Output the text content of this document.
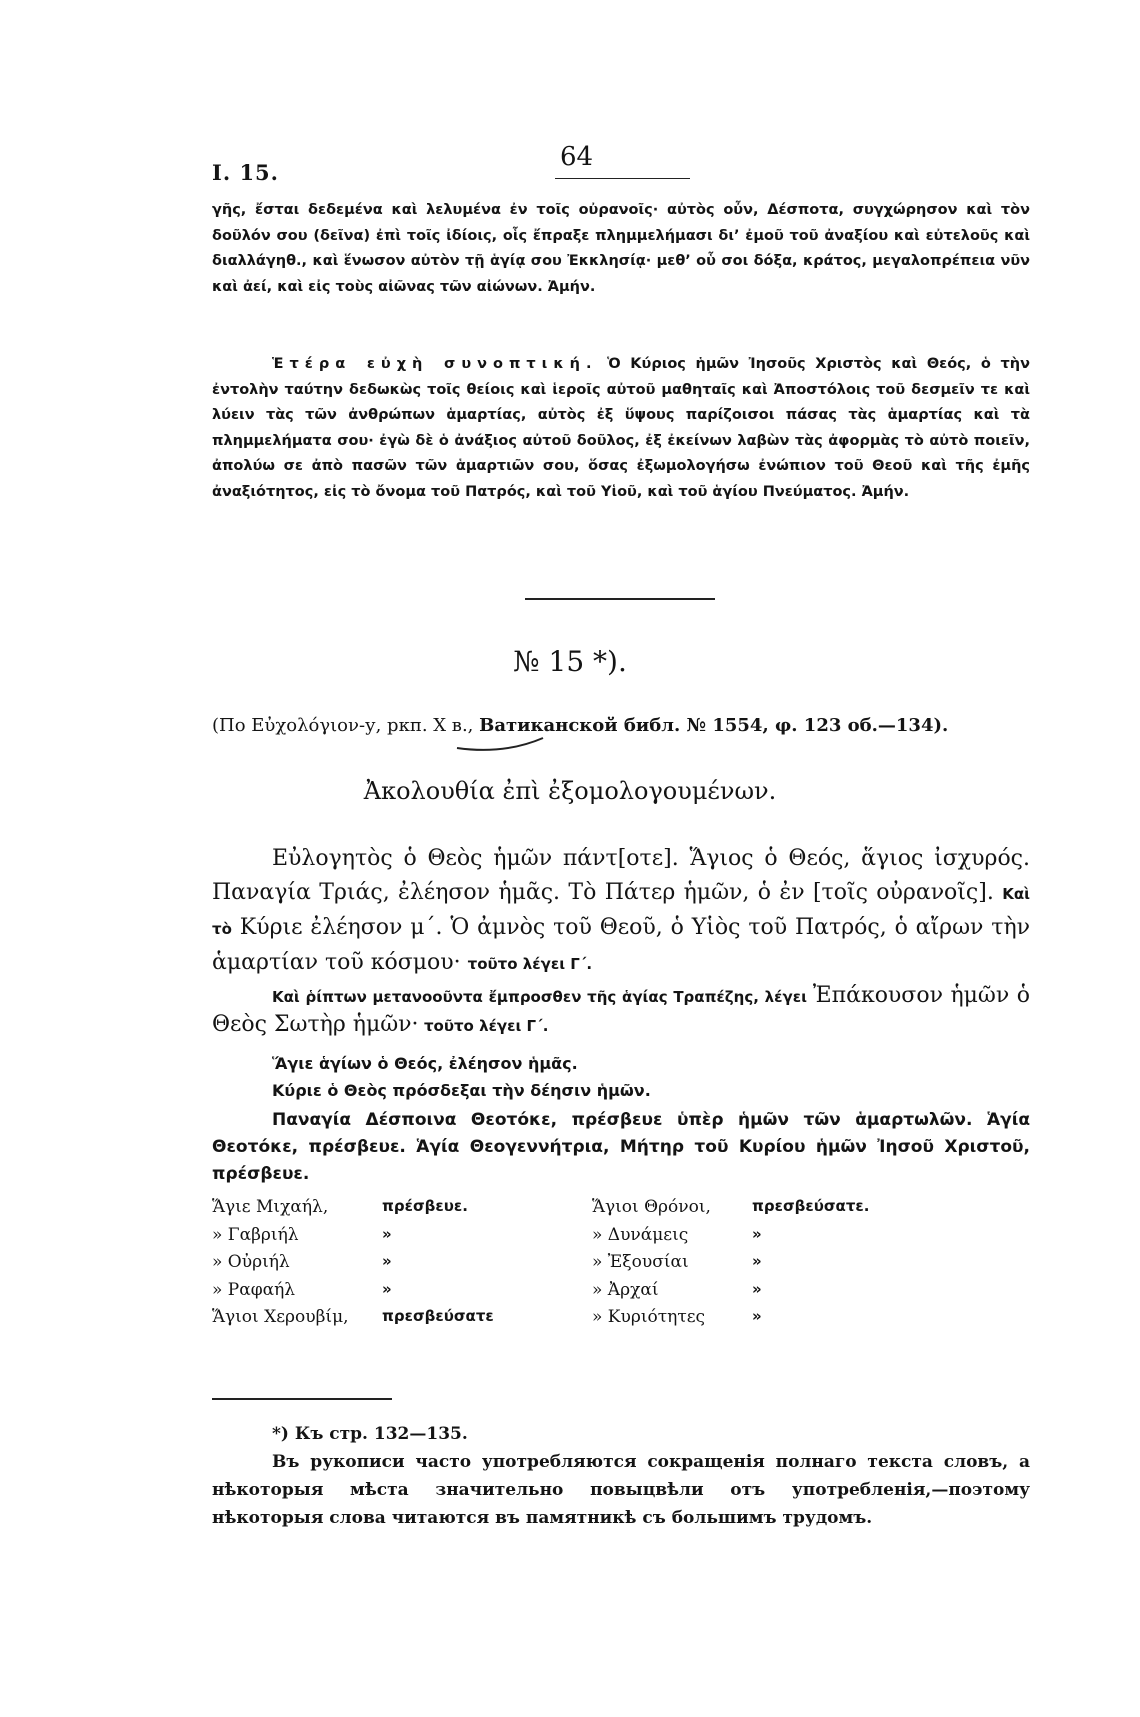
I. 15.
64
γῆς, ἔσται δεδεμένα καὶ λελυμένα ἐν τοῖς οὐρανοῖς· αὐτὸς οὖν, Δέσποτα, συγχώρησον καὶ τὸν δοῦλόν σου (δεῖνα) ἐπὶ τοῖς ἰδίοις, οἷς ἔπραξε πλημμελήμασι δι’ ἐμοῦ τοῦ ἀναξίου καὶ εὐτελοῦς καὶ διαλλάγηθ., καὶ ἕνωσον αὐτὸν τῇ ἁγίᾳ σου Ἐκκλησίᾳ· μεθ’ οὗ σοι δόξα, κράτος, μεγαλοπρέπεια νῦν καὶ ἀεί, καὶ εἰς τοὺς αἰῶνας τῶν αἰώνων. Ἀμήν.
Ἑτέρα εὐχὴ συνοπτική. Ὁ Κύριος ἡμῶν Ἰησοῦς Χριστὸς καὶ Θεός, ὁ τὴν ἐντολὴν ταύτην δεδωκὼς τοῖς θείοις καὶ ἱεροῖς αὐτοῦ μαθηταῖς καὶ Ἀποστόλοις τοῦ δεσμεῖν τε καὶ λύειν τὰς τῶν ἀνθρώπων ἁμαρτίας, αὐτὸς ἐξ ὕψους παρίζοισοι πάσας τὰς ἁμαρτίας καὶ τὰ πλημμελήματα σου· ἐγὼ δὲ ὁ ἀνάξιος αὐτοῦ δοῦλος, ἐξ ἐκείνων λαβὼν τὰς ἀφορμὰς τὸ αὐτὸ ποιεῖν, ἀπολύω σε ἀπὸ πασῶν τῶν ἁμαρτιῶν σου, ὅσας ἐξωμολογήσω ἐνώπιον τοῦ Θεοῦ καὶ τῆς ἐμῆς ἀναξιότητος, εἰς τὸ ὄνομα τοῦ Πατρός, καὶ τοῦ Υἱοῦ, καὶ τοῦ ἁγίου Πνεύματος. Ἀμήν.
№ 15 *).
(Πο Εὐχολόγιον-у, ркп. X в., Ватиканской библ. № 1554, φ. 123 об.—134).
Ἀκολουθία ἐπὶ ἐξομολογουμένων.
Εὐλογητὸς ὁ Θεὸς ἡμῶν πάντ[οτε]. Ἅγιος ὁ Θεός, ἅγιος ἰσχυρός. Παναγία Τριάς, ἐλέησον ἡμᾶς. Τὸ Πάτερ ἡμῶν, ὁ ἐν [τοῖς οὐρανοῖς]. Καὶ τὸ Κύριε ἐλέησον μ΄. Ὁ ἀμνὸς τοῦ Θεοῦ, ὁ Υἱὸς τοῦ Πατρός, ὁ αἴρων τὴν ἁμαρτίαν τοῦ κόσμου· τοῦτο λέγει Γ΄.
Καὶ ῥίπτων μετανοοῦντα ἔμπροσθεν τῆς ἁγίας Τραπέζης, λέγει Ἐπάκουσον ἡμῶν ὁ Θεὸς Σωτὴρ ἡμῶν· τοῦτο λέγει Γ΄.
Ἅγιε ἁγίων ὁ Θεός, ἐλέησον ἡμᾶς.
Κύριε ὁ Θεὸς πρόσδεξαι τὴν δέησιν ἡμῶν.
Παναγία Δέσποινα Θεοτόκε, πρέσβευε ὑπὲρ ἡμῶν τῶν ἁμαρτωλῶν. Ἁγία Θεοτόκε, πρέσβευε. Ἁγία Θεογεννήτρια, Μήτηρ τοῦ Κυρίου ἡμῶν Ἰησοῦ Χριστοῦ, πρέσβευε.
Ἅγιε Μιχαήλ,	πρέσβευε.	Ἅγιοι Θρόνοι,	πρεσβεύσατε.
» Γαβριήλ	»	» Δυνάμεις	»
» Οὐριήλ	»	» Ἐξουσίαι	»
» Ραφαήλ	»	» Ἀρχαί	»
Ἅγιοι Χερουβίμ, πρεσβεύσατε	» Κυριότητες	»
*) Къ стр. 132—135.
Въ рукописи часто употребляются сокращенія полнаго текста словъ, а нѣкоторыя мѣста значительно повыцвѣли отъ употребленія,—поэтому нѣкоторыя слова читаются въ памятникѣ съ большимъ трудомъ.
